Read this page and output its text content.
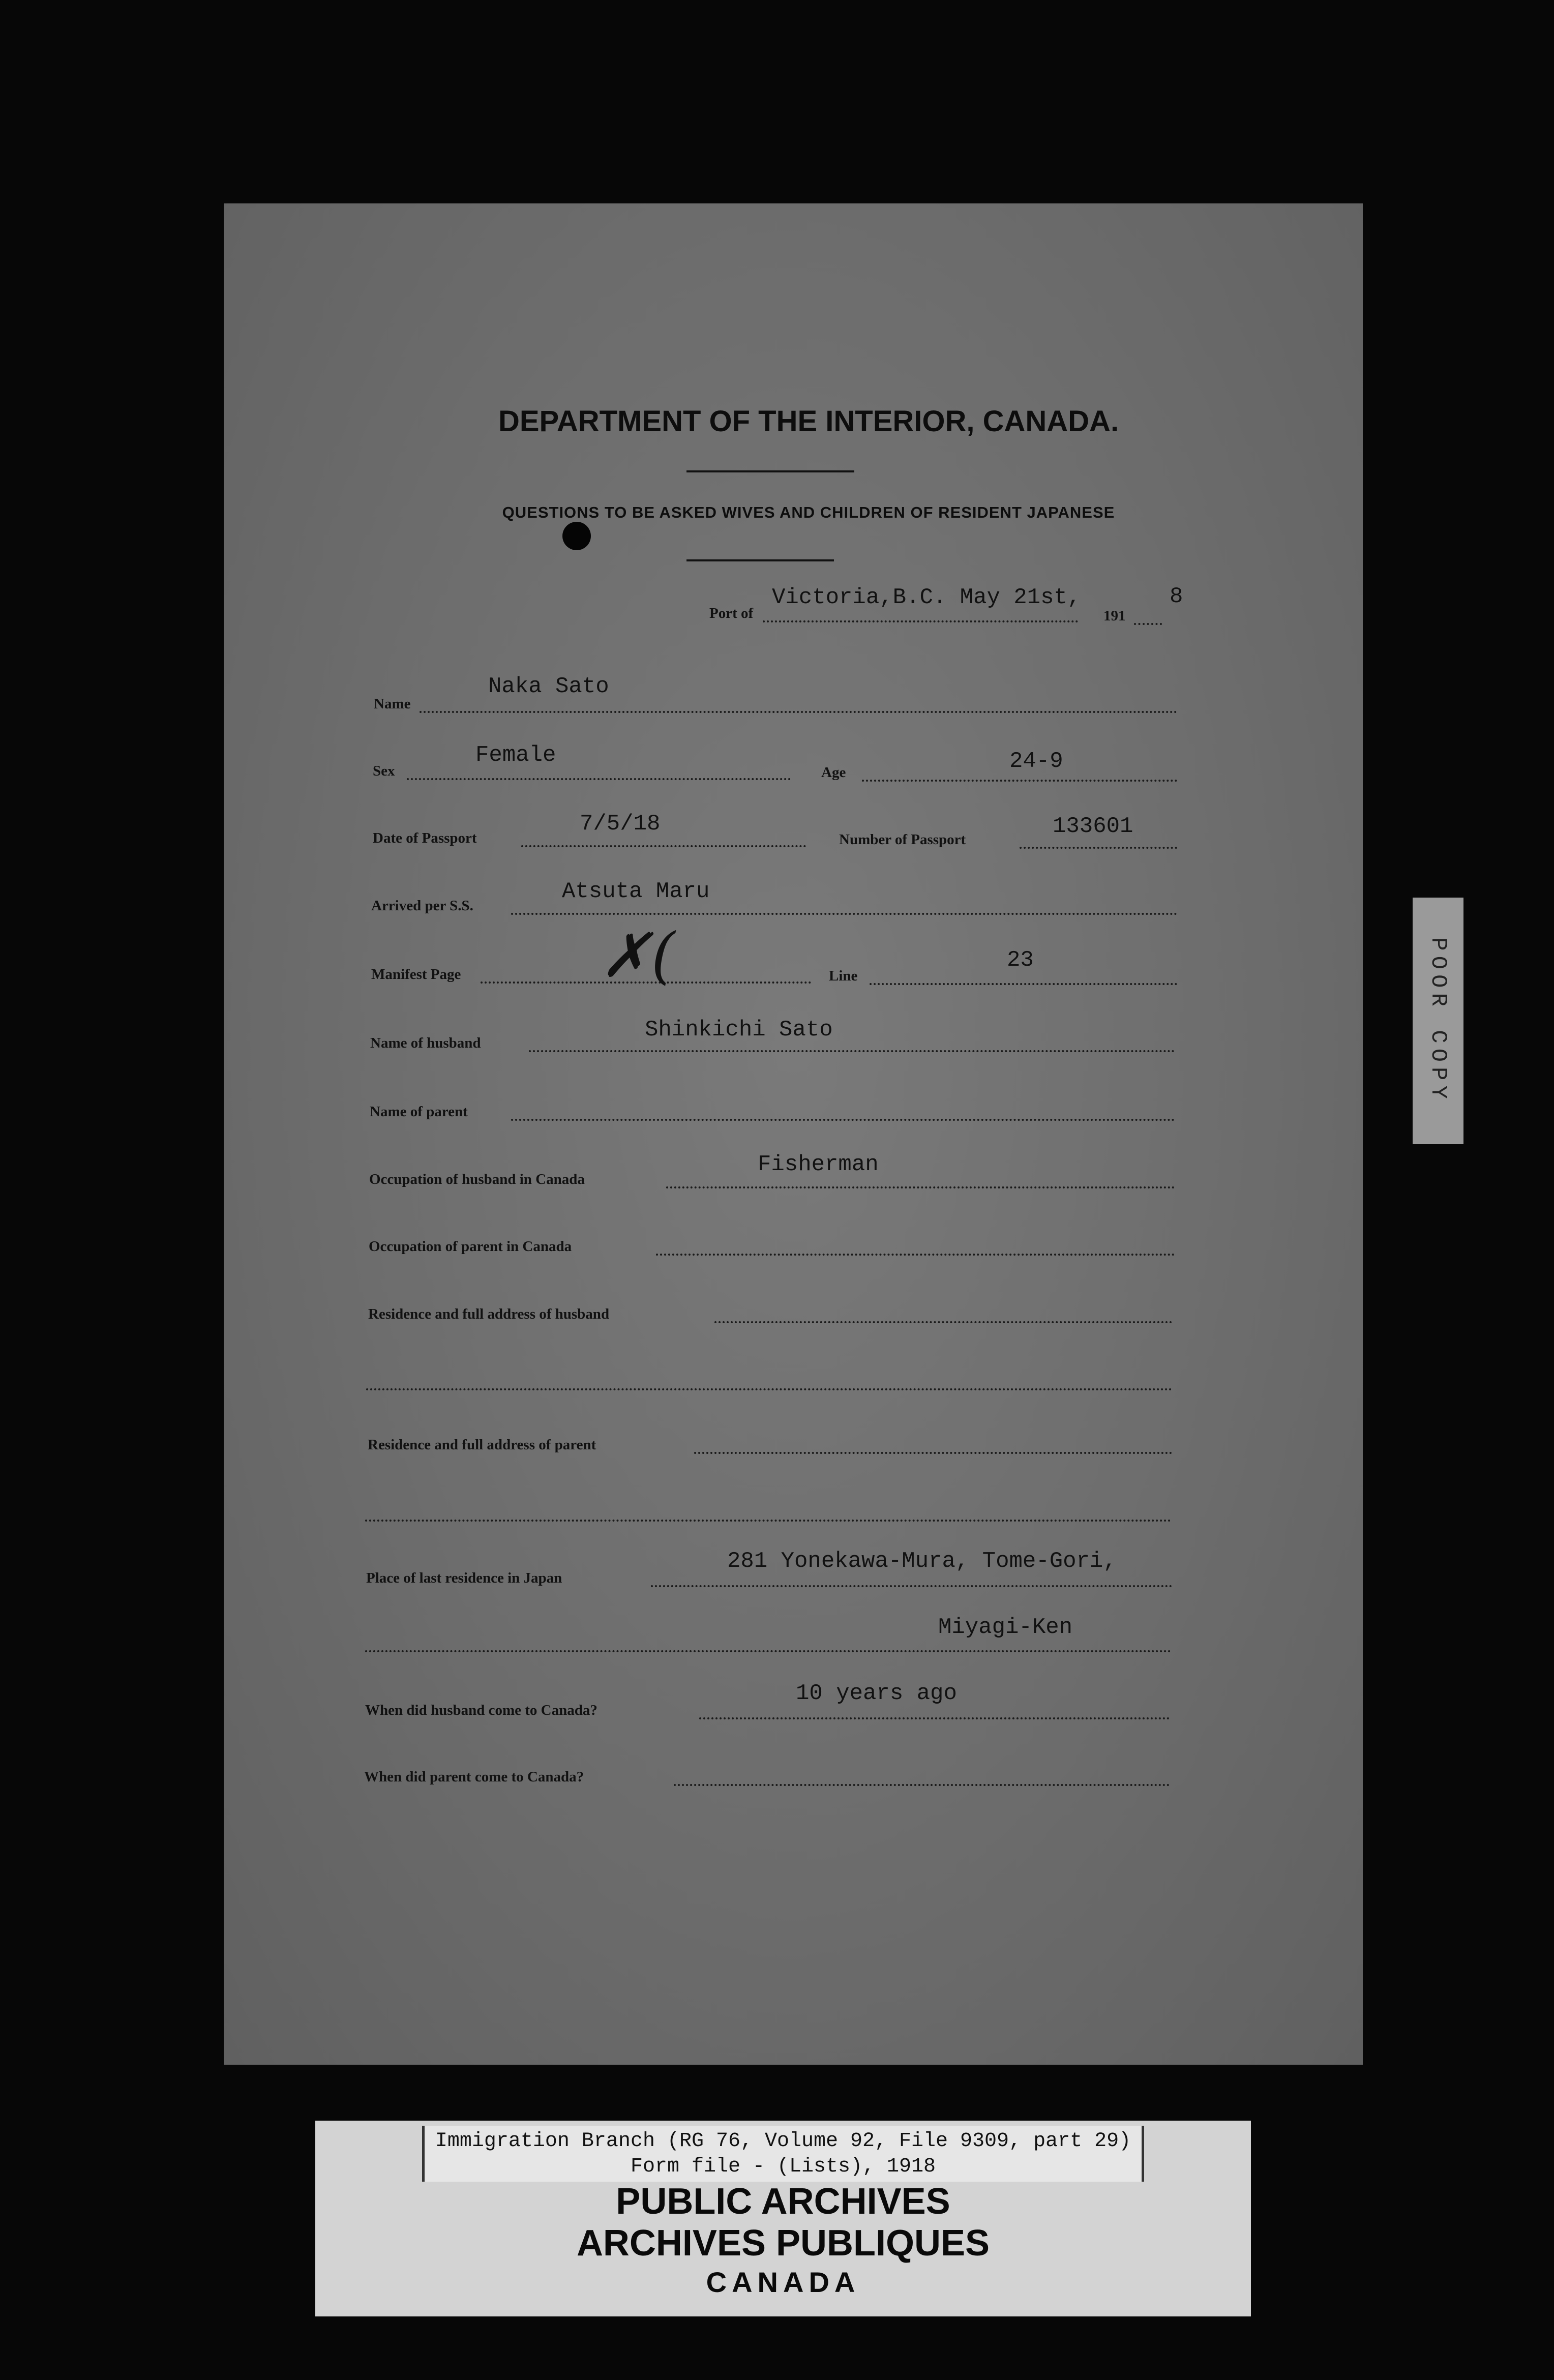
DEPARTMENT OF THE INTERIOR, CANADA.
QUESTIONS TO BE ASKED WIVES AND CHILDREN OF RESIDENT JAPANESE
Port of
Victoria,B.C. May 21st,
191
8
Name
Naka Sato
Sex
Female
Age	24-9
Date of Passport
7/5/18
Number of Passport
133601
Arrived per S.S.
Atsuta Maru
Manifest Page ✗(	Line
23
Name of husband
Shinkichi Sato
Name of parent
Occupation of husband in Canada
Fisherman
Occupation of parent in Canada
Residence and full address of husband
Residence and full address of parent
Place of last residence in Japan
281 Yonekawa-Mura, Tome-Gori,
Miyagi-Ken
When did husband come to Canada?
10 years ago
When did parent come to Canada?
POOR COPY
Immigration Branch (RG 76, Volume 92, File 9309, part 29)
Form file - (Lists), 1918
PUBLIC ARCHIVES
ARCHIVES PUBLIQUES
CANADA
